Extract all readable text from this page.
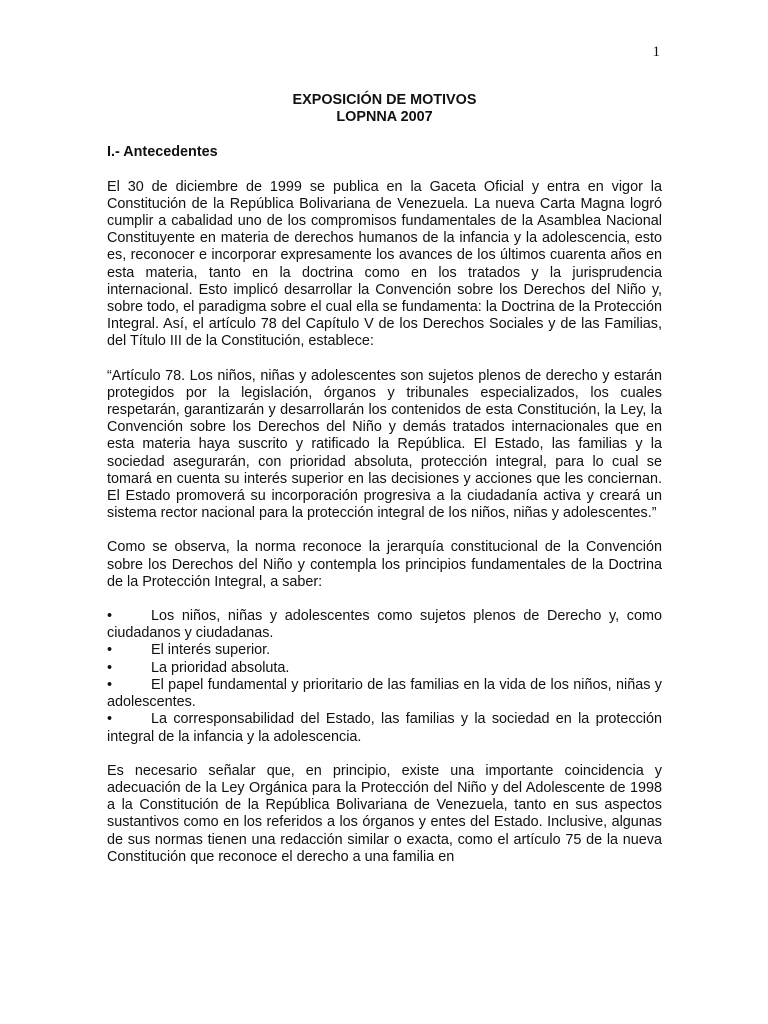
1

EXPOSICIÓN DE MOTIVOS

LOPNNA 2007

I.- Antecedentes

El 30 de diciembre de 1999 se publica en la Gaceta Oficial y entra en vigor la Constitución de la República Bolivariana de Venezuela. La nueva Carta Magna logró cumplir a cabalidad uno de los compromisos fundamentales de la Asamblea Nacional Constituyente en materia de derechos humanos de la infancia y la adolescencia, esto es, reconocer e incorporar expresamente los avances de los últimos cuarenta años en esta materia, tanto en la doctrina como en los tratados y la jurisprudencia internacional. Esto implicó desarrollar la Convención sobre los Derechos del Niño y, sobre todo, el paradigma sobre el cual ella se fundamenta: la Doctrina de la Protección Integral. Así, el artículo 78 del Capítulo V de los Derechos Sociales y de las Familias, del Título III de la Constitución, establece:

“Artículo 78. Los niños, niñas y adolescentes son sujetos plenos de derecho y estarán protegidos por la legislación, órganos y tribunales especializados, los cuales respetarán, garantizarán y desarrollarán los contenidos de esta Constitución, la Ley, la Convención sobre los Derechos del Niño y demás tratados internacionales que en esta materia haya suscrito y ratificado la República. El Estado, las familias y la sociedad asegurarán, con prioridad absoluta, protección integral, para lo cual se tomará en cuenta su interés superior en las decisiones y acciones que les conciernan. El Estado promoverá su incorporación progresiva a la ciudadanía activa y creará un sistema rector nacional para la protección integral de los niños, niñas y adolescentes.”

Como se observa, la norma reconoce la jerarquía constitucional de la Convención sobre los Derechos del Niño y contempla los principios fundamentales de la Doctrina de la Protección Integral, a saber:

•	Los niños, niñas y adolescentes como sujetos plenos de Derecho y, como ciudadanos y ciudadanas.
•	El interés superior.
•	La prioridad absoluta.
•	El papel fundamental y prioritario de las familias en la vida de los niños, niñas y adolescentes.
•	La corresponsabilidad del Estado, las familias y la sociedad en la protección integral de la infancia y la adolescencia.

Es necesario señalar que, en principio, existe una importante coincidencia y adecuación de la Ley Orgánica para la Protección del Niño y del Adolescente de 1998 a la Constitución de la República Bolivariana de Venezuela, tanto en sus aspectos sustantivos como en los referidos a los órganos y entes del Estado. Inclusive, algunas de sus normas tienen una redacción similar o exacta, como el artículo 75 de la nueva Constitución que reconoce el derecho a una familia en
